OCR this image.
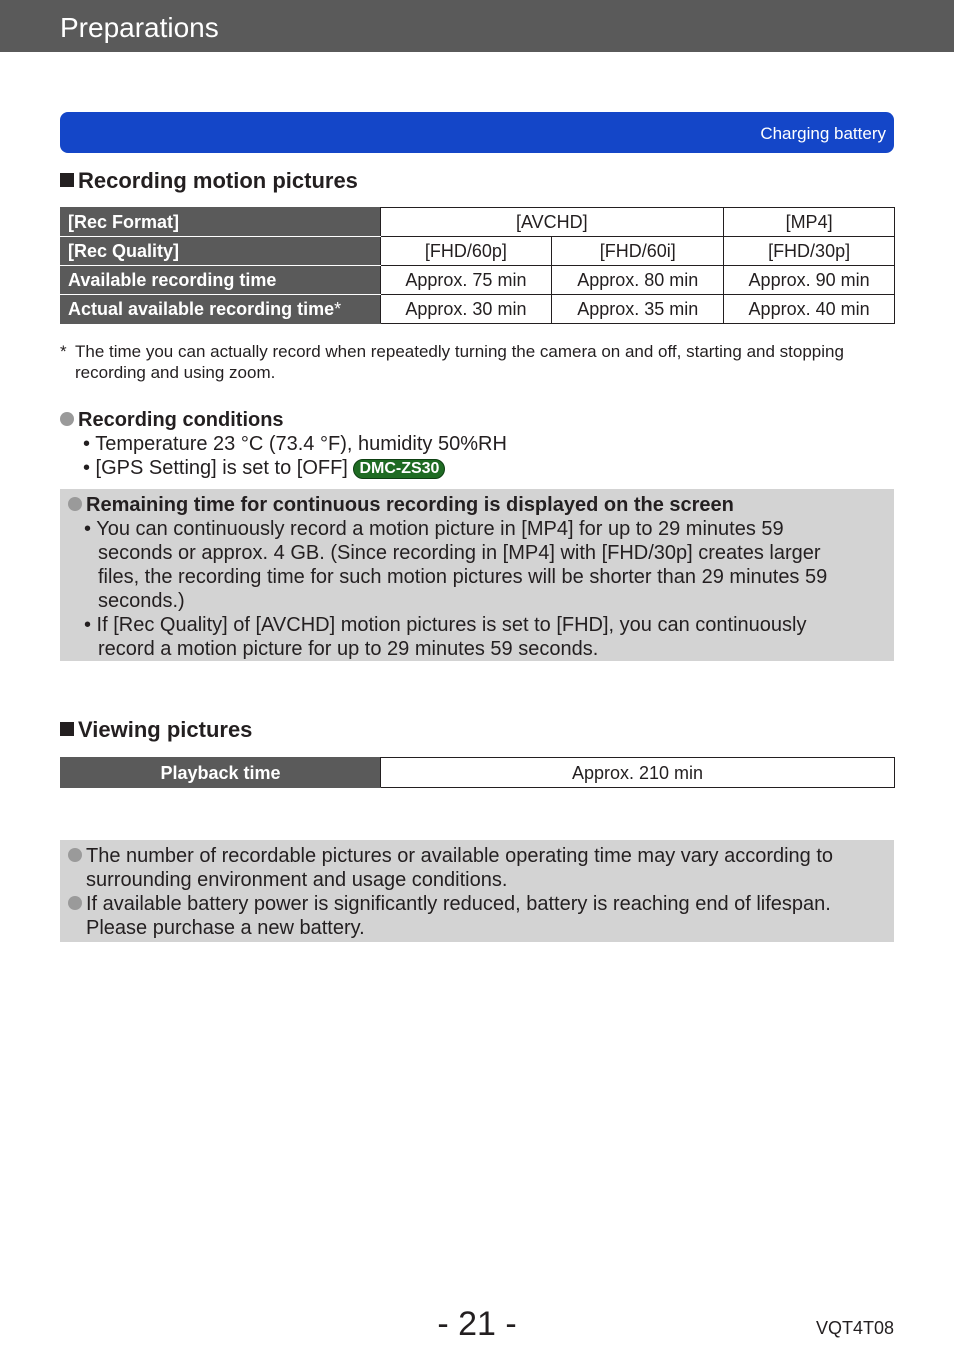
Preparations
Charging battery
Recording motion pictures
[Rec Format]	[AVCHD]		[MP4]
[Rec Quality]	[FHD/60p]	[FHD/60i]	[FHD/30p]
Available recording time	Approx. 75 min	Approx. 80 min	Approx. 90 min
Actual available recording time*	Approx. 30 min	Approx. 35 min	Approx. 40 min
* The time you can actually record when repeatedly turning the camera on and off, starting and stopping recording and using zoom.
Recording conditions
• Temperature 23 °C (73.4 °F), humidity 50%RH
• [GPS Setting] is set to [OFF] DMC-ZS30
Remaining time for continuous recording is displayed on the screen
• You can continuously record a motion picture in [MP4] for up to 29 minutes 59 seconds or approx. 4 GB. (Since recording in [MP4] with [FHD/30p] creates larger files, the recording time for such motion pictures will be shorter than 29 minutes 59 seconds.)
• If [Rec Quality] of [AVCHD] motion pictures is set to [FHD], you can continuously record a motion picture for up to 29 minutes 59 seconds.
Viewing pictures
Playback time	Approx. 210 min
The number of recordable pictures or available operating time may vary according to surrounding environment and usage conditions.
If available battery power is significantly reduced, battery is reaching end of lifespan. Please purchase a new battery.
- 21 -	VQT4T08
